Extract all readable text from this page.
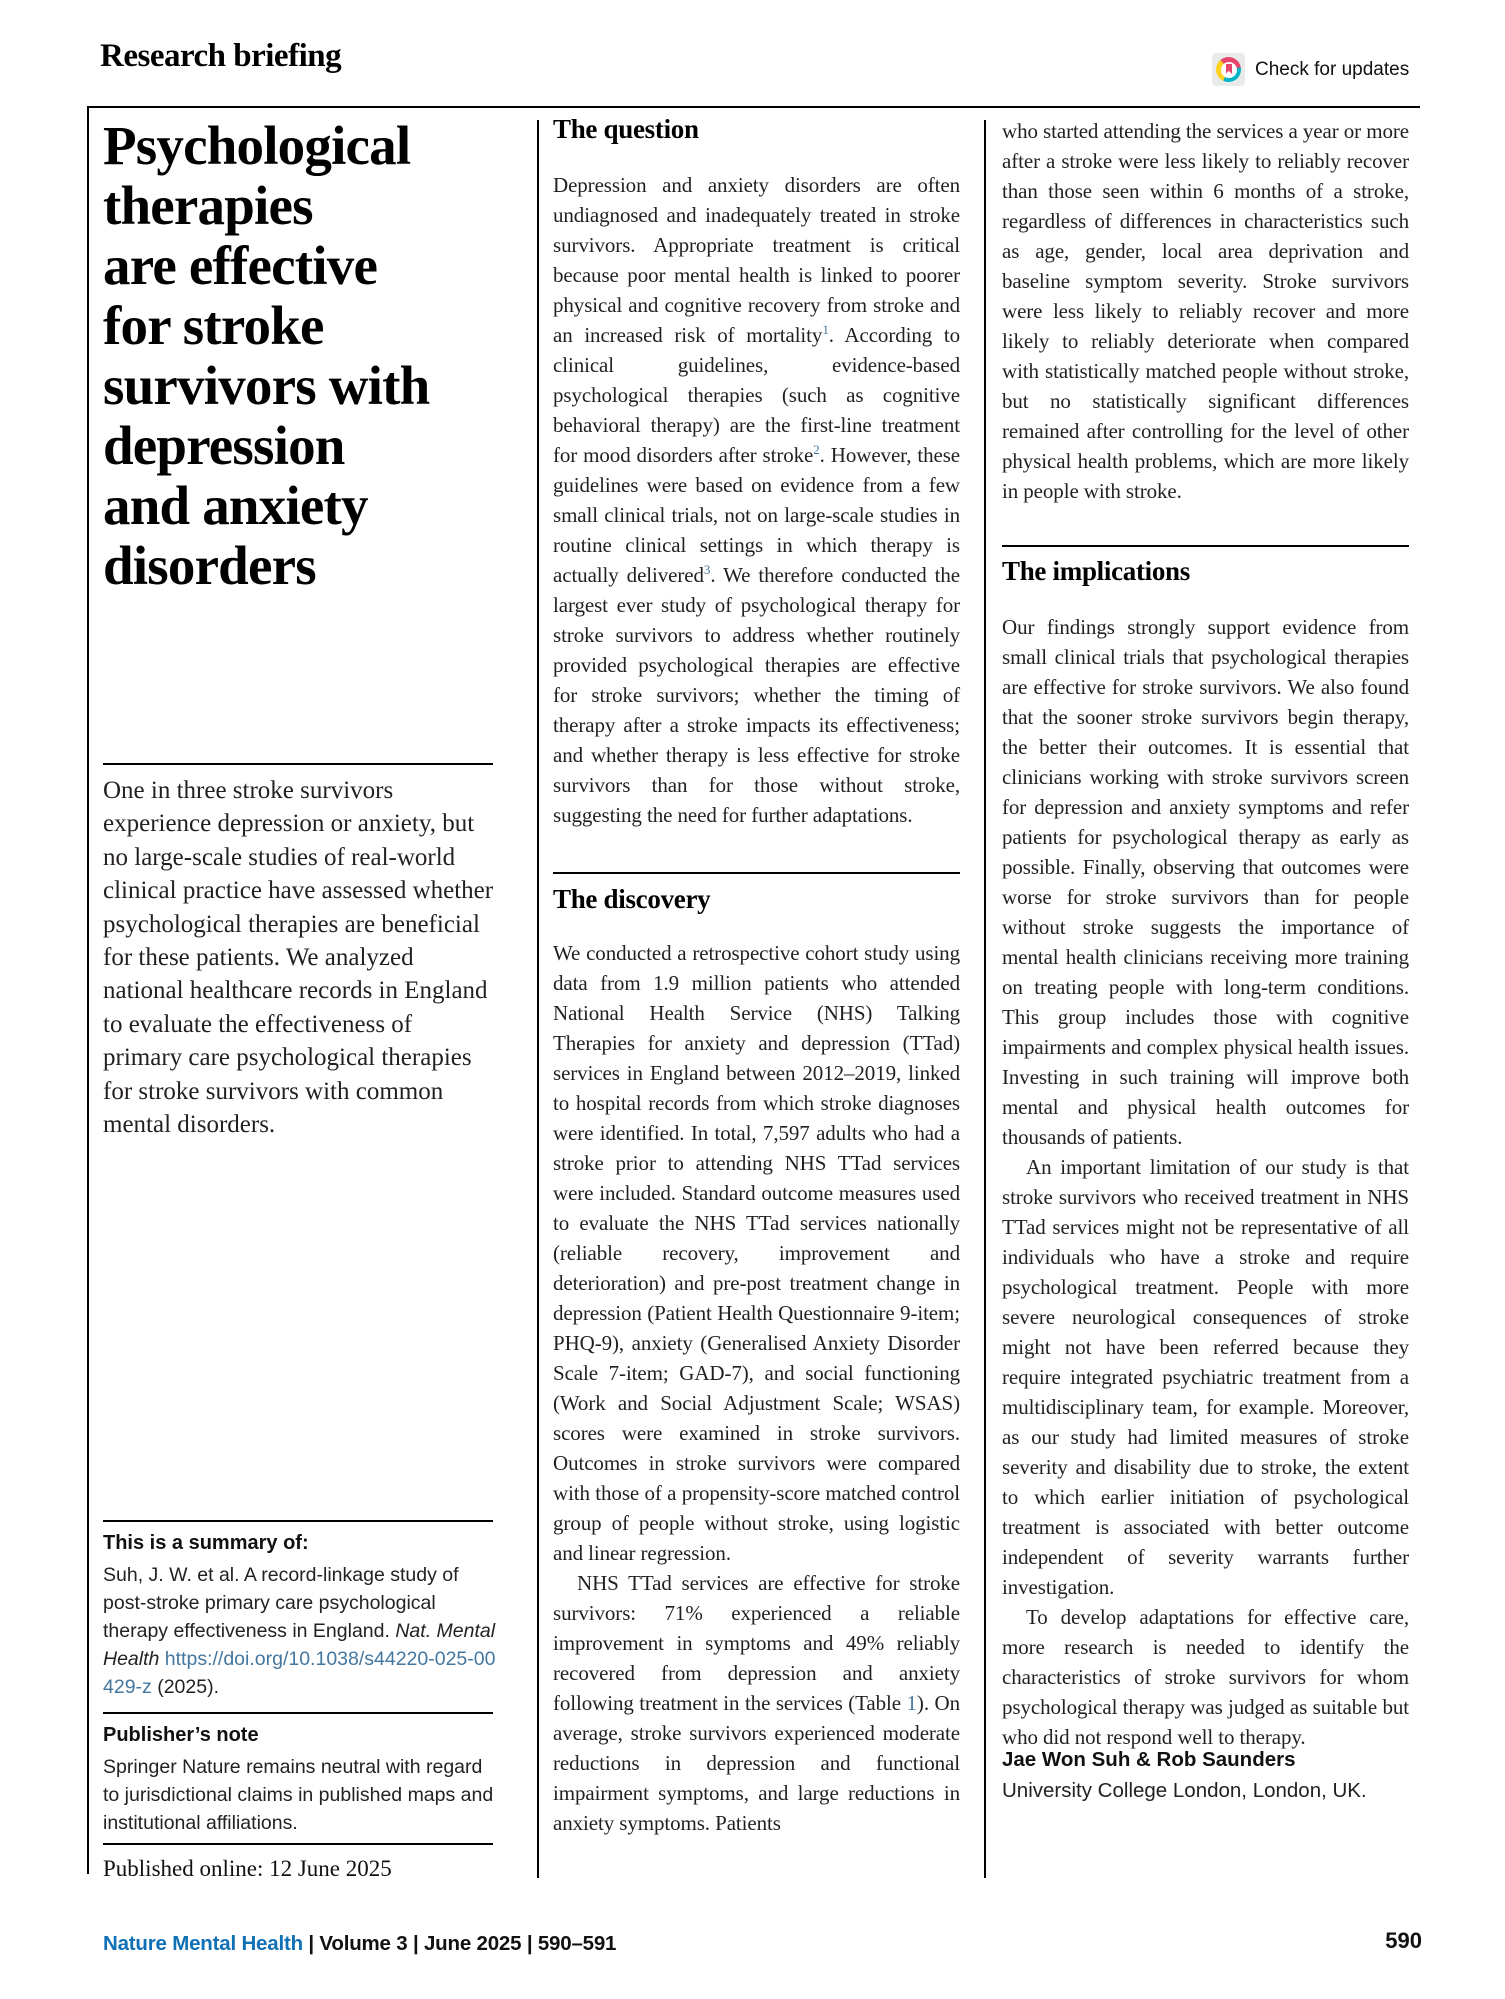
Research briefing	Check for updates
Psychological
therapies
are effective
for stroke
survivors with
depression
and anxiety
disorders
One in three stroke survivors experience depression or anxiety, but no large-scale studies of real-world clinical practice have assessed whether psychological therapies are beneficial for these patients. We analyzed national healthcare records in England to evaluate the effectiveness of primary care psychological therapies for stroke survivors with common mental disorders.
This is a summary of:
Suh, J. W. et al. A record-linkage study of post-stroke primary care psychological therapy effectiveness in England. Nat. Mental Health https://doi.org/10.1038/s44220-025-00429-z (2025).
Publisher’s note
Springer Nature remains neutral with regard to jurisdictional claims in published maps and institutional affiliations.
Published online: 12 June 2025
The question

Depression and anxiety disorders are often undiagnosed and inadequately treated in stroke survivors. Appropriate treatment is critical because poor mental health is linked to poorer physical and cognitive recovery from stroke and an increased risk of mortality$^1$. According to clinical guidelines, evidence-based psychological therapies (such as cognitive behavioral therapy) are the first-line treatment for mood disorders after stroke$^2$. However, these guidelines were based on evidence from a few small clinical trials, not on large-scale studies in routine clinical settings in which therapy is actually delivered$^3$. We therefore conducted the largest ever study of psychological therapy for stroke survivors to address whether routinely provided psychological therapies are effective for stroke survivors; whether the timing of therapy after a stroke impacts its effectiveness; and whether therapy is less effective for stroke survivors than for those without stroke, suggesting the need for further adaptations.

The discovery

We conducted a retrospective cohort study using data from 1.9 million patients who attended National Health Service (NHS) Talking Therapies for anxiety and depression (TTad) services in England between 2012–2019, linked to hospital records from which stroke diagnoses were identified. In total, 7,597 adults who had a stroke prior to attending NHS TTad services were included. Standard outcome measures used to evaluate the NHS TTad services nationally (reliable recovery, improvement and deterioration) and pre-post treatment change in depression (Patient Health Questionnaire 9-item; PHQ-9), anxiety (Generalised Anxiety Disorder Scale 7-item; GAD-7), and social functioning (Work and Social Adjustment Scale; WSAS) scores were examined in stroke survivors. Outcomes in stroke survivors were compared with those of a propensity-score matched control group of people without stroke, using logistic and linear regression.

NHS TTad services are effective for stroke survivors: 71% experienced a reliable improvement in symptoms and 49% reliably recovered from depression and anxiety following treatment in the services (Table 1). On average, stroke survivors experienced moderate reductions in depression and functional impairment symptoms, and large reductions in anxiety symptoms. Patients

who started attending the services a year or more after a stroke were less likely to reliably recover than those seen within 6 months of a stroke, regardless of differences in characteristics such as age, gender, local area deprivation and baseline symptom severity. Stroke survivors were less likely to reliably recover and more likely to reliably deteriorate when compared with statistically matched people without stroke, but no statistically significant differences remained after controlling for the level of other physical health problems, which are more likely in people with stroke.
The implications

Our findings strongly support evidence from small clinical trials that psychological therapies are effective for stroke survivors. We also found that the sooner stroke survivors begin therapy, the better their outcomes. It is essential that clinicians working with stroke survivors screen for depression and anxiety symptoms and refer patients for psychological therapy as early as possible. Finally, observing that outcomes were worse for stroke survivors than for people without stroke suggests the importance of mental health clinicians receiving more training on treating people with long-term conditions. This group includes those with cognitive impairments and complex physical health issues. Investing in such training will improve both mental and physical health outcomes for thousands of patients.

An important limitation of our study is that stroke survivors who received treatment in NHS TTad services might not be representative of all individuals who have a stroke and require psychological treatment. People with more severe neurological consequences of stroke might not have been referred because they require integrated psychiatric treatment from a multidisciplinary team, for example. Moreover, as our study had limited measures of stroke severity and disability due to stroke, the extent to which earlier initiation of psychological treatment is associated with better outcome independent of severity warrants further investigation.

To develop adaptations for effective care, more research is needed to identify the characteristics of stroke survivors for whom psychological therapy was judged as suitable but who did not respond well to therapy.

Jae Won Suh & Rob Saunders
University College London, London, UK.
Nature Mental Health | Volume 3 | June 2025 | 590–591	590
